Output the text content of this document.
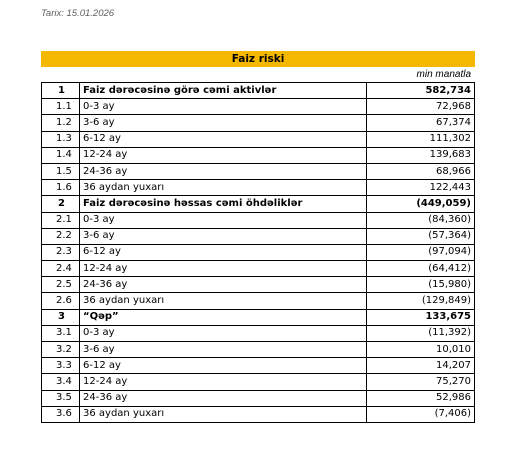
Tarix: 15.01.2026
Faiz riski
min manatla
1	Faiz dərəcəsinə görə cəmi aktivlər	582,734
1.1	0-3 ay	72,968
1.2	3-6 ay	67,374
1.3	6-12 ay	111,302
1.4	12-24 ay	139,683
1.5	24-36 ay	68,966
1.6	36 aydan yuxarı	122,443
2	Faiz dərəcəsinə həssas cəmi öhdəliklər	(449,059)
2.1	0-3 ay	(84,360)
2.2	3-6 ay	(57,364)
2.3	6-12 ay	(97,094)
2.4	12-24 ay	(64,412)
2.5	24-36 ay	(15,980)
2.6	36 aydan yuxarı	(129,849)
3	“Qəp”	133,675
3.1	0-3 ay	(11,392)
3.2	3-6 ay	10,010
3.3	6-12 ay	14,207
3.4	12-24 ay	75,270
3.5	24-36 ay	52,986
3.6	36 aydan yuxarı	(7,406)
